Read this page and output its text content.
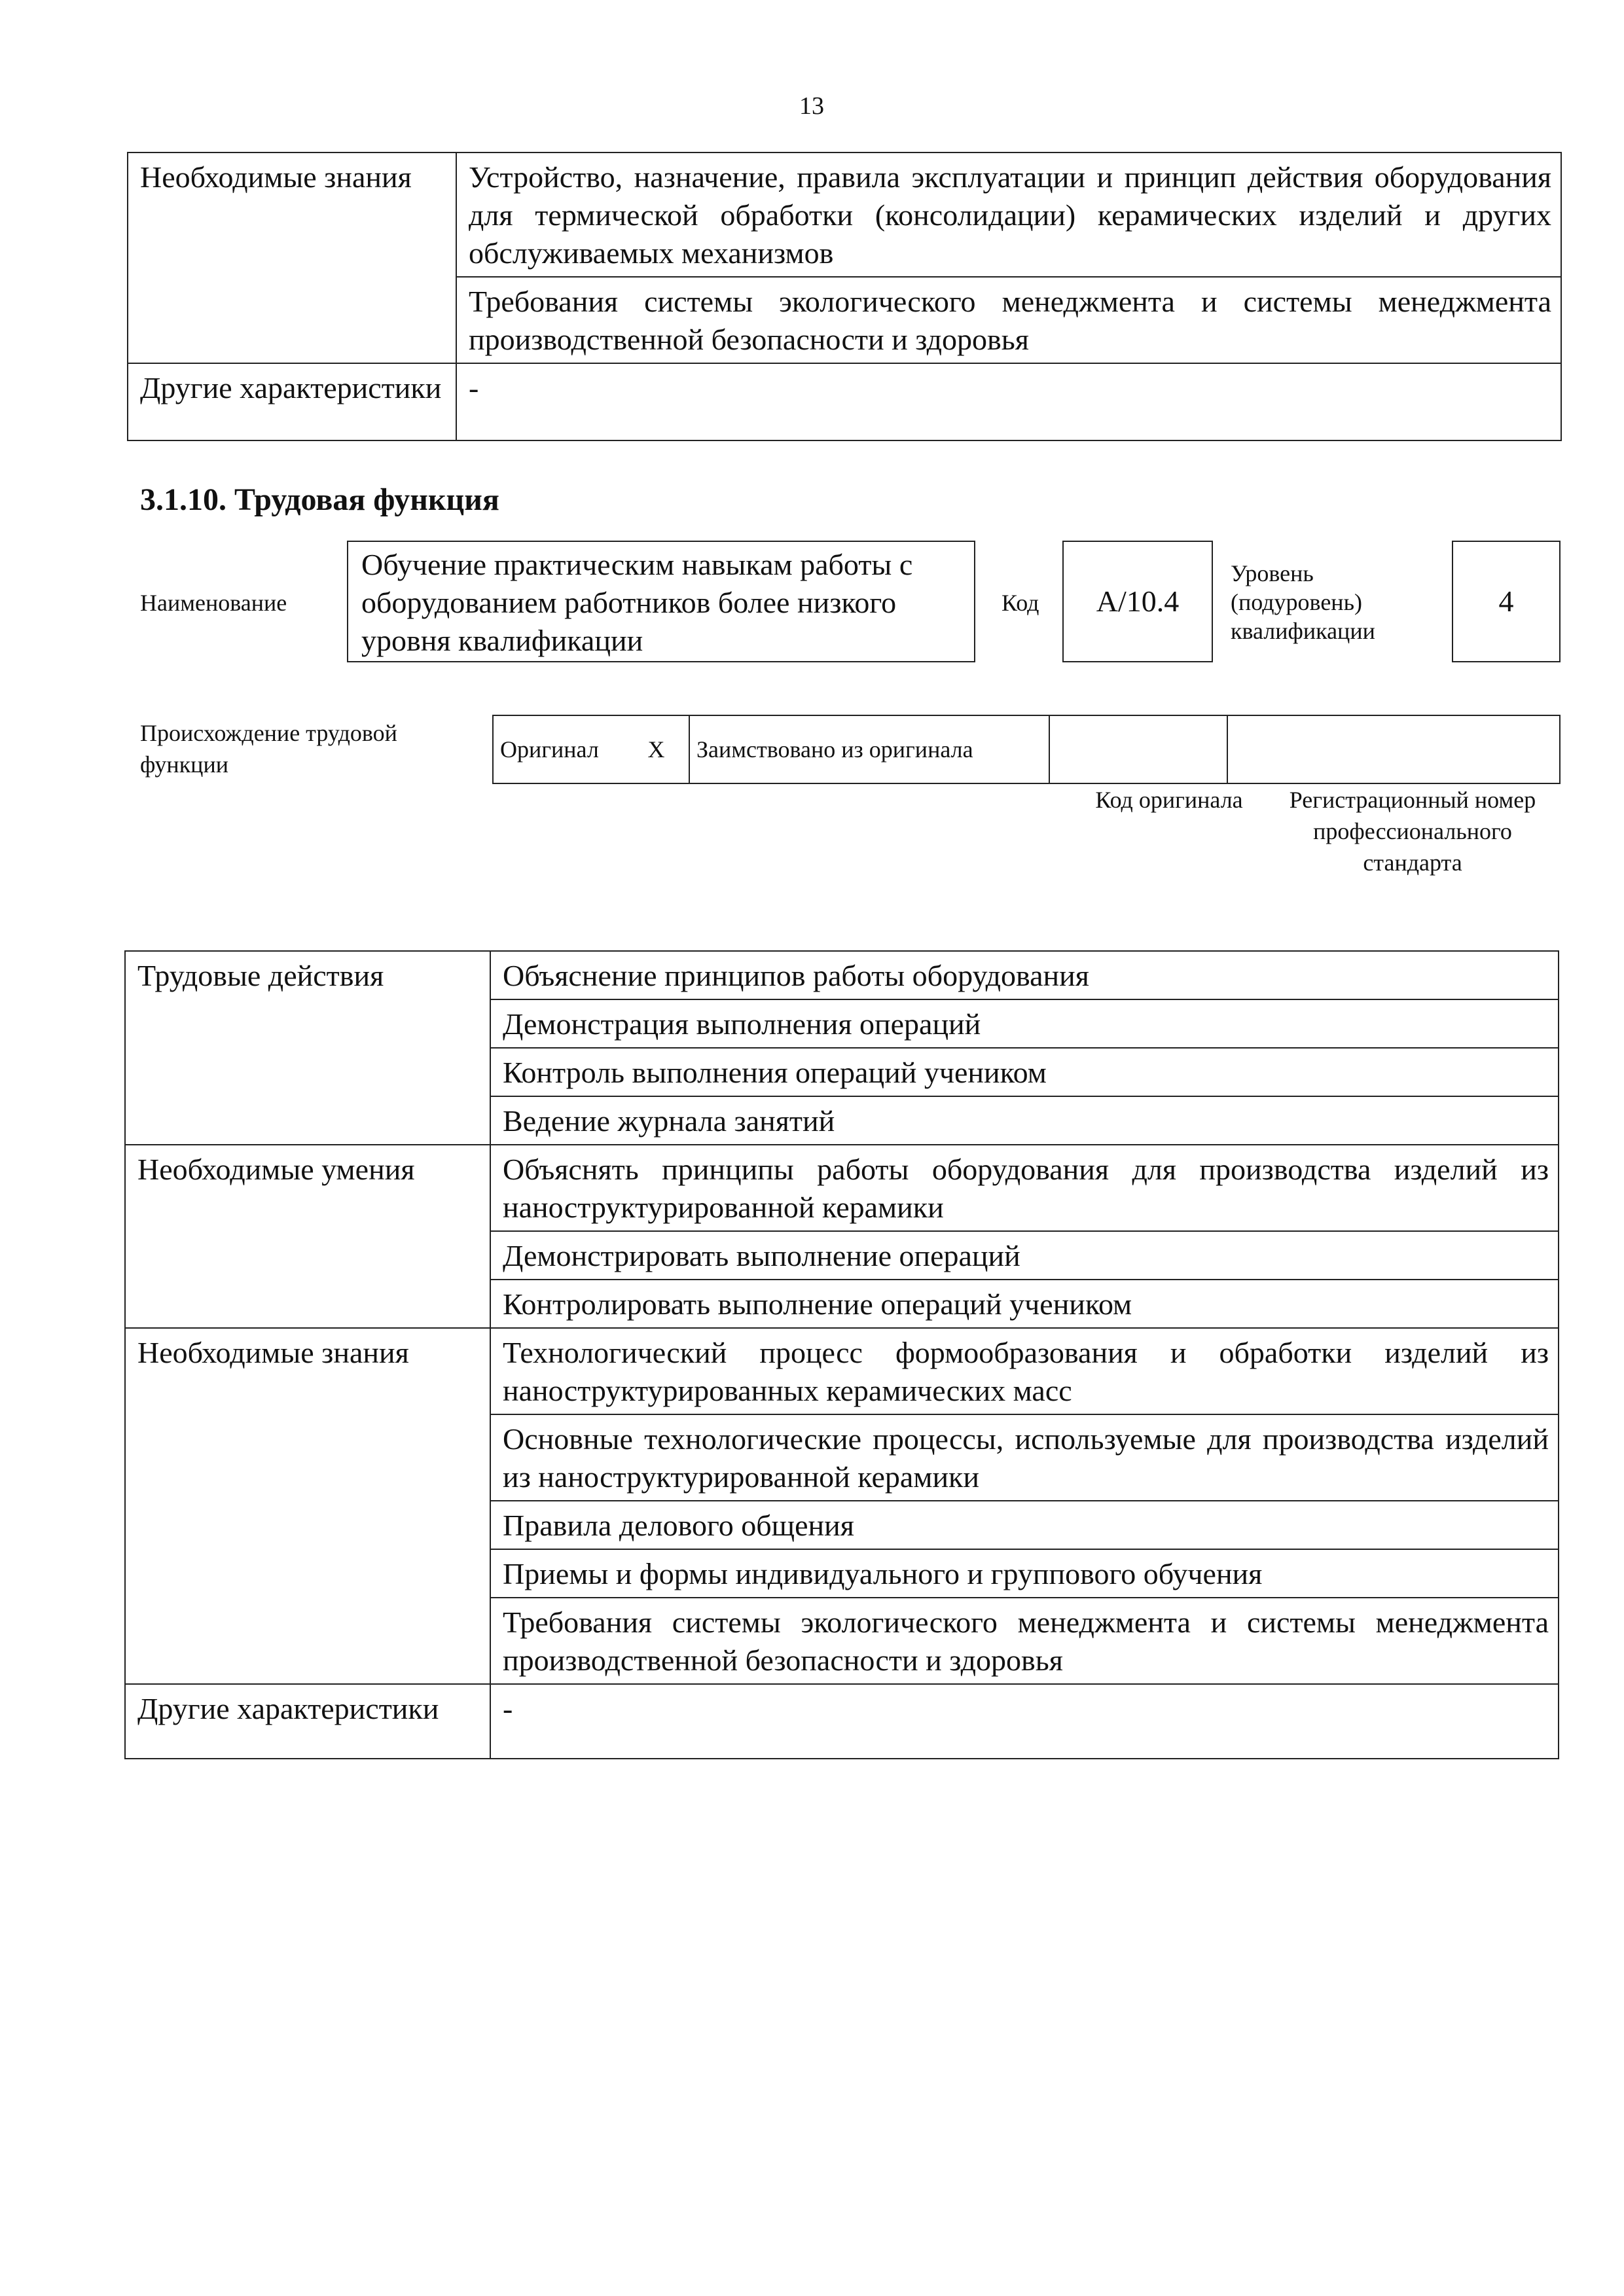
13
Необходимые знания	Устройство, назначение, правила эксплуатации и принцип действия оборудования для термической обработки (консолидации) керамических изделий и других обслуживаемых механизмов
	Требования системы экологического менеджмента и системы менеджмента производственной безопасности и здоровья
Другие характеристики	-
3.1.10. Трудовая функция
Наименование
Обучение практическим навыкам работы с оборудованием работников более низкого уровня квалификации
Код	А/10.4
Уровень (подуровень) квалификации
4
Происхождение трудовой функции
Оригинал	X	Заимствовано из оригинала		
Код оригинала	Регистрационный номер профессионального стандарта
Трудовые действия	Объяснение принципов работы оборудования
	Демонстрация выполнения операций
	Контроль выполнения операций учеником
	Ведение журнала занятий
Необходимые умения	Объяснять принципы работы оборудования для производства изделий из наноструктурированной керамики
	Демонстрировать выполнение операций
	Контролировать выполнение операций учеником
Необходимые знания	Технологический процесс формообразования и обработки изделий из наноструктурированных керамических масс
	Основные технологические процессы, используемые для производства изделий из наноструктурированной керамики
	Правила делового общения
	Приемы и формы индивидуального и группового обучения
	Требования системы экологического менеджмента и системы менеджмента производственной безопасности и здоровья
Другие характеристики	-
